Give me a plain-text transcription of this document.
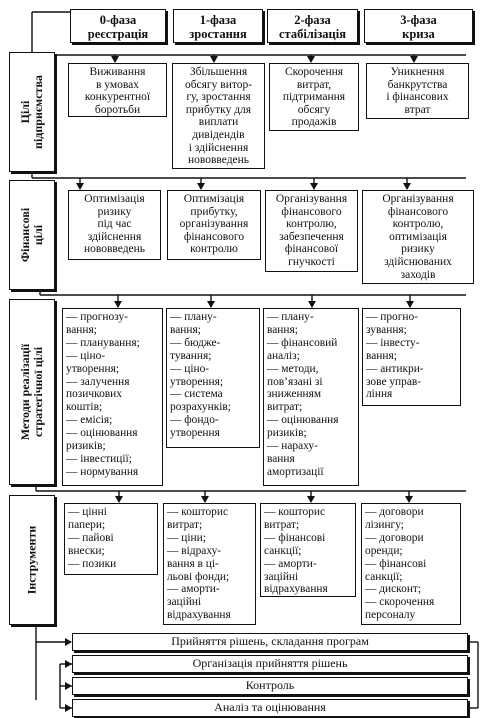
0-фаза
реєстрація
1-фаза
зростання
2-фаза
стабілізація
3-фаза
криза
Цілі підприємства
Фінансові цілі
Методи реалізації стратегічної цілі
Інструменти
Виживання
в умовах
конкурентної
боротьби
Збільшення
обсягу витор-
гу, зростання
прибутку для
виплати
дивідендів
і здійснення
нововведень
Скорочення
витрат,
підтримання
обсягу
продажів
Уникнення
банкрутства
і фінансових
втрат
Оптимізація
ризику
під час
здійснення
нововведень
Оптимізація
прибутку,
організування
фінансового
контролю
Організування
фінансового
контролю,
забезпечення
фінансової
гнучкості
Організування
фінансового контролю,
оптимізація
ризику
здійснюваних
заходів
— прогнозу-
вання;
— планування;
— ціно-
утворення;
— залучення
позичкових
коштів;
— емісія;
— оцінювання
ризиків;
— інвестиції;
— нормування
— плану-
вання;
— бюдже-
тування;
— ціно-
утворення;
— система
розрахунків;
— фондо-
утворення
— плану-
вання;
— фінансовий
аналіз;
— методи,
пов’язані зі
зниженням
витрат;
— оцінювання
ризиків;
— нараху-
вання
амортизації
— прогно-
зування;
— інвесту-
вання;
— антикри-
зове управ-
ління
— цінні
папери;
— пайові
внески;
— позики
— кошторис
витрат;
— ціни;
— відраху-
вання в ці-
льові фонди;
— аморти-
заційні
відрахування
— кошторис
витрат;
— фінансові
санкції;
— аморти-
заційні
відрахування
— договори
лізингу;
— договори
оренди;
— фінансові
санкції;
— дисконт;
— скорочення
персоналу
Прийняття рішень, складання програм
Організація прийняття рішень
Контроль
Аналіз та оцінювання
